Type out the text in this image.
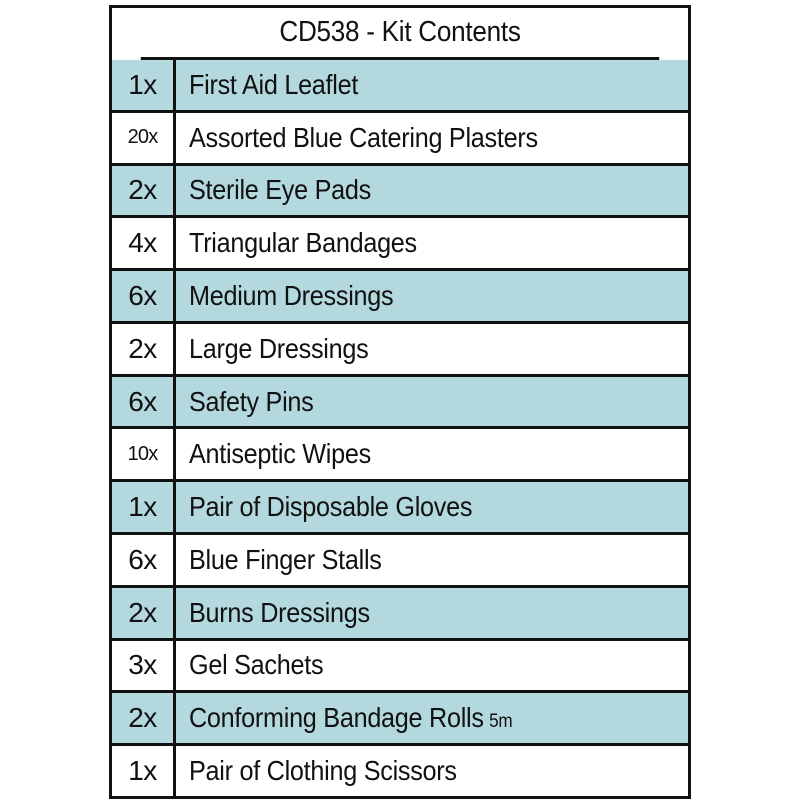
CD538 - Kit Contents
1x	First Aid Leaflet
20x	Assorted Blue Catering Plasters
2x	Sterile Eye Pads
4x	Triangular Bandages
6x	Medium Dressings
2x	Large Dressings
6x	Safety Pins
10x	Antiseptic Wipes
1x	Pair of Disposable Gloves
6x	Blue Finger Stalls
2x	Burns Dressings
3x	Gel Sachets
2x	Conforming Bandage Rolls 5m
1x	Pair of Clothing Scissors
